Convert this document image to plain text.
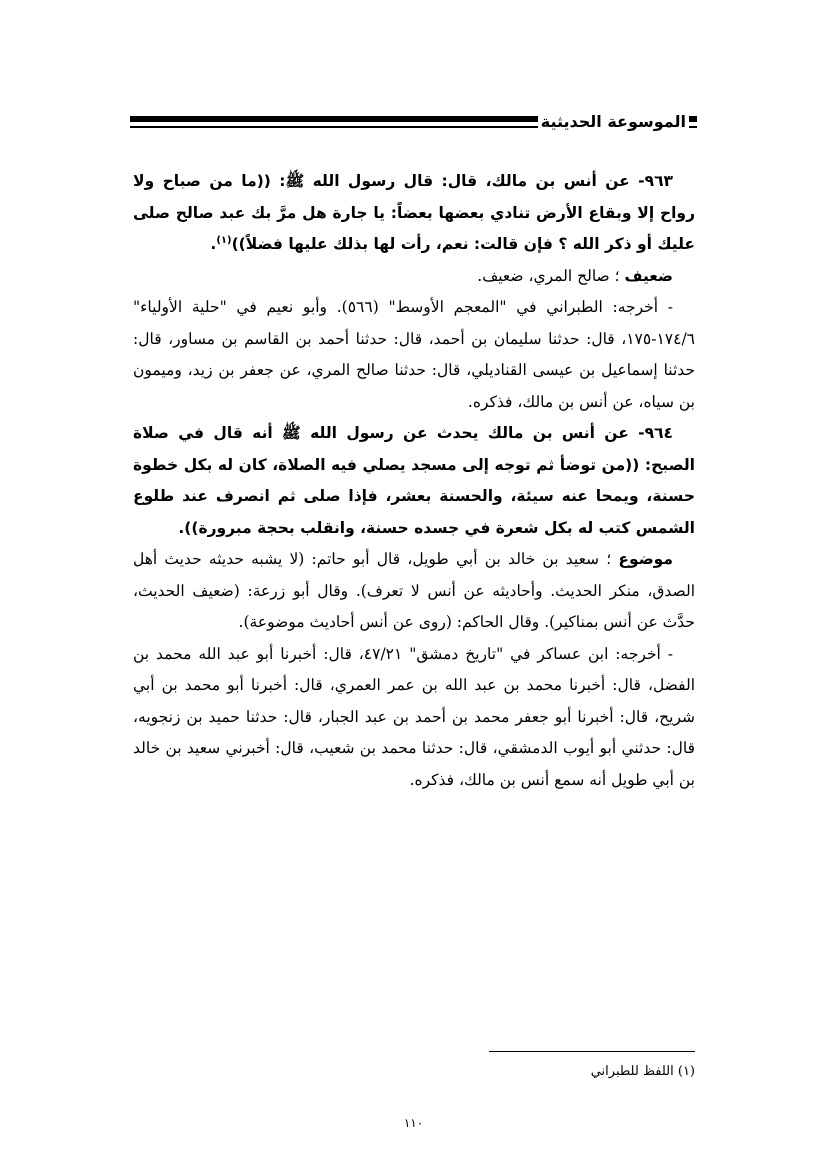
الموسوعة الحديثية

٩٦٣- عن أنس بن مالك، قال: قال رسول الله ﷺ: ((ما من صباح ولا رواح إلا وبقاع الأرض تنادي بعضها بعضاً: يا جارة هل مرَّ بك عبد صالح صلى عليك أو ذكر الله ؟ فإن قالت: نعم، رأت لها بذلك عليها فضلاً))$^{(١)}$.

ضعيف ؛ صالح المري، ضعيف.

- أخرجه: الطبراني في "المعجم الأوسط" (٥٦٦). وأبو نعيم في "حلية الأولياء" ١٧٤/٦-١٧٥، قال: حدثنا سليمان بن أحمد، قال: حدثنا أحمد بن القاسم بن مساور، قال: حدثنا إسماعيل بن عيسى القناديلي، قال: حدثنا صالح المري، عن جعفر بن زيد، وميمون بن سياه، عن أنس بن مالك، فذكره.

٩٦٤- عن أنس بن مالك يحدث عن رسول الله ﷺ أنه قال في صلاة الصبح: ((من توضأ ثم توجه إلى مسجد يصلي فيه الصلاة، كان له بكل خطوة حسنة، ويمحا عنه سيئة، والحسنة بعشر، فإذا صلى ثم انصرف عند طلوع الشمس كتب له بكل شعرة في جسده حسنة، وانقلب بحجة مبرورة)).

موضوع ؛ سعيد بن خالد بن أبي طويل، قال أبو حاتم: (لا يشبه حديثه حديث أهل الصدق، منكر الحديث. وأحاديثه عن أنس لا تعرف). وقال أبو زرعة: (ضعيف الحديث، حدَّث عن أنس بمناكير). وقال الحاكم: (روى عن أنس أحاديث موضوعة).

- أخرجه: ابن عساكر في "تاريخ دمشق" ٤٧/٢١، قال: أخبرنا أبو عبد الله محمد بن الفضل، قال: أخبرنا محمد بن عبد الله بن عمر العمري، قال: أخبرنا أبو محمد بن أبي شريح، قال: أخبرنا أبو جعفر محمد بن أحمد بن عبد الجبار، قال: حدثنا حميد بن زنجويه، قال: حدثني أبو أيوب الدمشقي، قال: حدثنا محمد بن شعيب، قال: أخبرني سعيد بن خالد بن أبي طويل أنه سمع أنس بن مالك، فذكره.

(١) اللفظ للطبراني
١١٠
